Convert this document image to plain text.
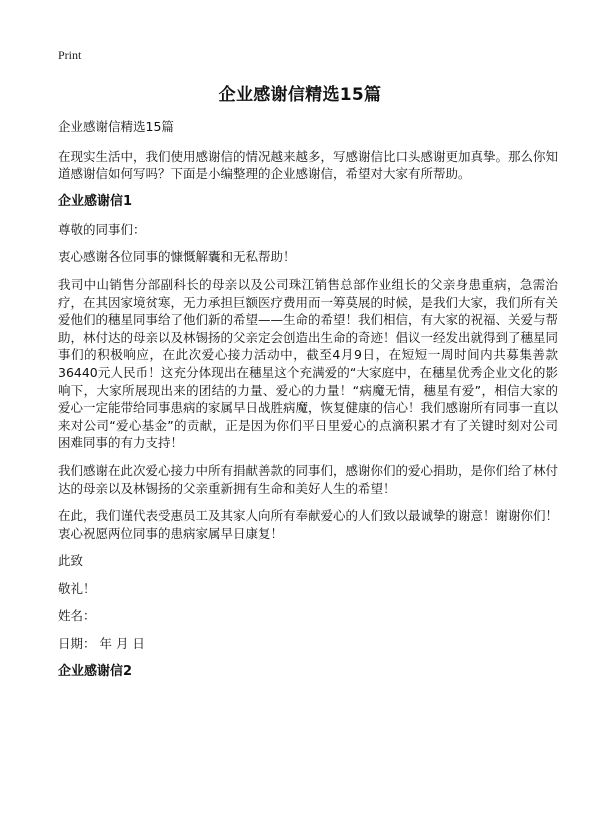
Print
企业感谢信精选15篇

企业感谢信精选15篇

在现实生活中，我们使用感谢信的情况越来越多，写感谢信比口头感谢更加真挚。那么你知道感谢信如何写吗？下面是小编整理的企业感谢信，希望对大家有所帮助。

企业感谢信1

尊敬的同事们：

衷心感谢各位同事的慷慨解囊和无私帮助！

我司中山销售分部副科长的母亲以及公司珠江销售总部作业组长的父亲身患重病，急需治疗，在其因家境贫寒，无力承担巨额医疗费用而一筹莫展的时候，是我们大家，我们所有关爱他们的穗星同事给了他们新的希望——生命的希望！我们相信，有大家的祝福、关爱与帮助，林付达的母亲以及林锡扬的父亲定会创造出生命的奇迹！倡议一经发出就得到了穗星同事们的积极响应，在此次爱心接力活动中，截至4月9日，在短短一周时间内共募集善款36440元人民币！这充分体现出在穗星这个充满爱的“大家庭中，在穗星优秀企业文化的影响下，大家所展现出来的团结的力量、爱心的力量！“病魔无情，穗星有爱”，相信大家的爱心一定能带给同事患病的家属早日战胜病魔，恢复健康的信心！我们感谢所有同事一直以来对公司“爱心基金”的贡献，正是因为你们平日里爱心的点滴积累才有了关键时刻对公司困难同事的有力支持！

我们感谢在此次爱心接力中所有捐献善款的同事们，感谢你们的爱心捐助，是你们给了林付达的母亲以及林锡扬的父亲重新拥有生命和美好人生的希望！

在此，我们谨代表受惠员工及其家人向所有奉献爱心的人们致以最诚挚的谢意！谢谢你们！衷心祝愿两位同事的患病家属早日康复！

此致

敬礼！

姓名：

日期： 年 月 日

企业感谢信2
